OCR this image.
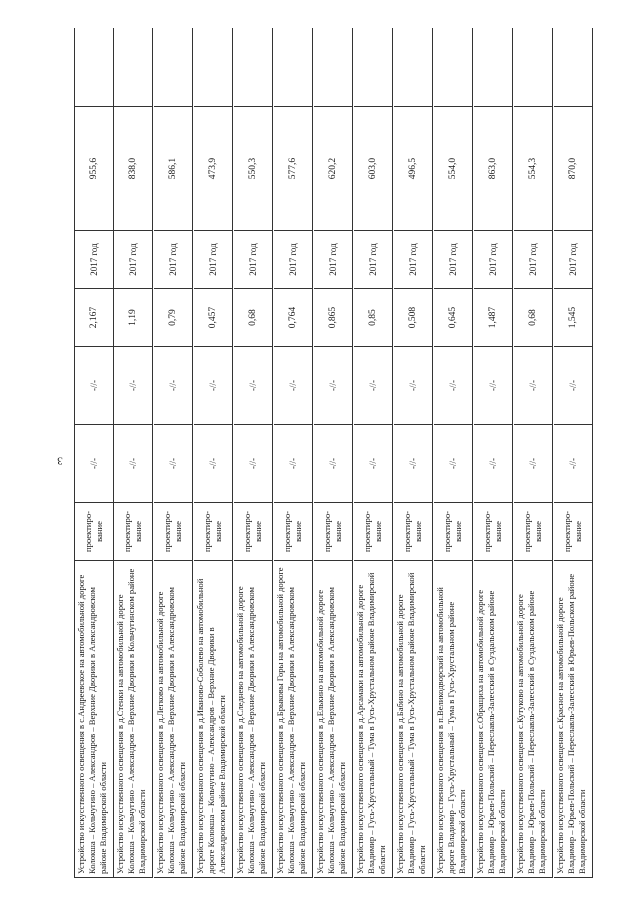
3
Устройство искусственного освещения в с.Андреевское на автомобильной дороге Колокша – Кольчугино – Александров – Верхние Дворики в Александровском районе Владимирской области
проектиро-вание
-//-
-//-
2,167
2017 год
955,6
Устройство искусственного освещения в д.Стенки на автомобильной дороге Колокша – Кольчугино – Александров – Верхние Дворики в Кольчугинском районе Владимирской области
проектиро-вание
-//-
-//-
1,19
2017 год
838,0
Устройство искусственного освещения в д.Легково на автомобильной дороге Колокша – Кольчугино – Александров – Верхние Дворики в Александровском районе Владимирской области
проектиро-вание
-//-
-//-
0,79
2017 год
586,1
Устройство искусственного освещения в д.Иваново-Соболево на автомобильной дороге Колокша – Кольчугино – Александров – Верхние Дворики в Александровском районе Владимирской области
проектиро-вание
-//-
-//-
0,457
2017 год
473,9
Устройство искусственного освещения в д.Следнево на автомобильной дороге Колокша – Кольчугино – Александров – Верхние Дворики в Александровском районе Владимирской области
проектиро-вание
-//-
-//-
0,68
2017 год
550,3
Устройство искусственного освещения в д.Брыковы Горы на автомобильной дороге Колокша – Кольчугино – Александров – Верхние Дворики в Александровском районе Владимирской области
проектиро-вание
-//-
-//-
0,764
2017 год
577,6
Устройство искусственного освещения в д.Елькино на автомобильной дороге Колокша – Кольчугино – Александров – Верхние Дворики в Александровском районе Владимирской области
проектиро-вание
-//-
-//-
0,865
2017 год
620,2
Устройство искусственного освещения в д.Арсамаки на автомобильной дороге Владимир – Гусь-Хрустальный – Тума в Гусь-Хрустальном районе Владимирской области
проектиро-вание
-//-
-//-
0,85
2017 год
603,0
Устройство искусственного освещения в д.Бабино на автомобильной дороге Владимир – Гусь-Хрустальный – Тума в Гусь-Хрустальном районе Владимирской области
проектиро-вание
-//-
-//-
0,508
2017 год
496,5
Устройство искусственного освещения в п.Великодворский на автомобильной дороге Владимир – Гусь-Хрустальный – Тума в Гусь-Хрустальном районе Владимирской области
проектиро-вание
-//-
-//-
0,645
2017 год
554,0
Устройство искусственного освещения с.Обращиха на автомобильной дороге Владимир – Юрьев-Польский – Переславль-Залесский в Суздальском районе Владимирской области
проектиро-вание
-//-
-//-
1,487
2017 год
863,0
Устройство искусственного освещения с.Кутуково на автомобильной дороге Владимир – Юрьев-Польский – Переславль-Залесский в Суздальском районе Владимирской области
проектиро-вание
-//-
-//-
0,68
2017 год
554,3
Устройство искусственного освещения с.Красное на автомобильной дороге Владимир – Юрьев-Польский – Переславль-Залесский в Юрьев-Польском районе Владимирской области
проектиро-вание
-//-
-//-
1,545
2017 год
870,0
